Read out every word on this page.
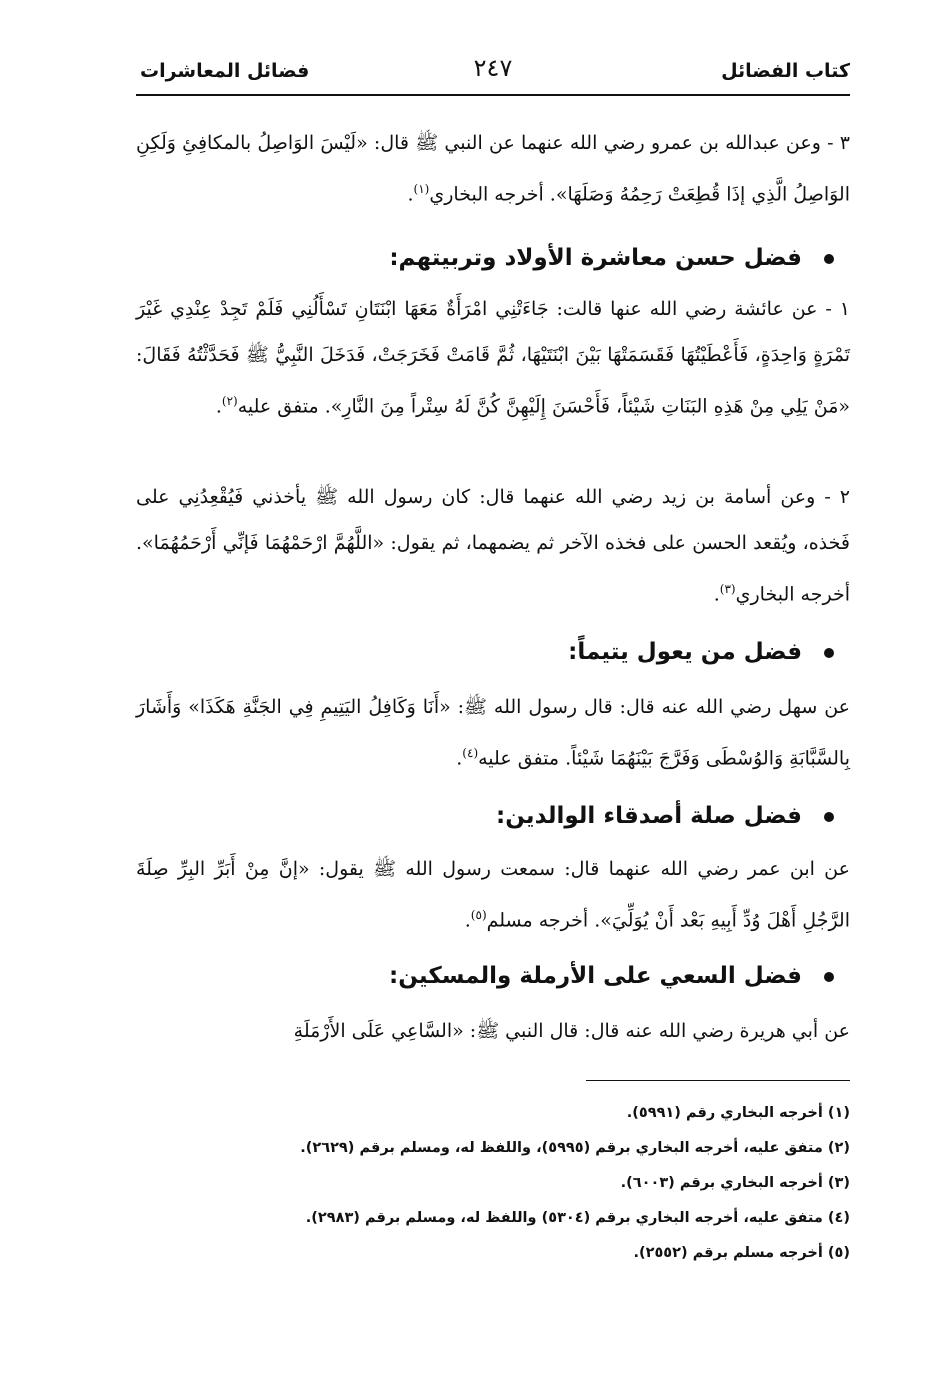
كتاب الفضائل
٢٤٧
فضائل المعاشرات

٣ - وعن عبدالله بن عمرو رضي الله عنهما عن النبي ﷺ قال: «لَيْسَ الوَاصِلُ بالمكافِئِ وَلَكِنِ الوَاصِلُ الَّذِي إذَا قُطِعَتْ رَحِمُهُ وَصَلَهَا». أخرجه البخاري$^{(١)}$.

فضل حسن معاشرة الأولاد وتربيتهم:

١ - عن عائشة رضي الله عنها قالت: جَاءَتْنِي امْرَأَةٌ مَعَهَا ابْنَتَانِ تَسْأَلُنِي فَلَمْ تَجِدْ عِنْدِي غَيْرَ تَمْرَةٍ وَاحِدَةٍ، فَأَعْطَيْتُهَا فَقَسَمَتْهَا بَيْنَ ابْنَتَيْهَا، ثُمَّ قَامَتْ فَخَرَجَتْ، فَدَخَلَ النَّبِيُّ ﷺ فَحَدَّثْتُهُ فَقَالَ: «مَنْ يَلِي مِنْ هَذِهِ البَنَاتِ شَيْئاً، فَأَحْسَنَ إِلَيْهِنَّ كُنَّ لَهُ سِتْراً مِنَ النَّارِ». متفق عليه$^{(٢)}$.

٢ - وعن أسامة بن زيد رضي الله عنهما قال: كان رسول الله ﷺ يأخذني فَيُقْعِدُنِي على فَخذه، ويُقعد الحسن على فخذه الآخر ثم يضمهما، ثم يقول: «اللَّهُمَّ ارْحَمْهُمَا فَإنِّي أَرْحَمُهُمَا». أخرجه البخاري$^{(٣)}$.

فضل من يعول يتيماً:

عن سهل رضي الله عنه قال: قال رسول الله ﷺ: «أَنَا وَكَافِلُ اليَتِيمِ فِي الجَنَّةِ هَكَذَا» وَأَشَارَ بِالسَّبَّابَةِ وَالوُسْطَى وَفَرَّجَ بَيْنَهُمَا شَيْئاً. متفق عليه$^{(٤)}$.

فضل صلة أصدقاء الوالدين:

عن ابن عمر رضي الله عنهما قال: سمعت رسول الله ﷺ يقول: «إنَّ مِنْ أَبَرِّ البِرِّ صِلَةَ الرَّجُلِ أَهْلَ وُدِّ أَبِيهِ بَعْد أَنْ يُوَلِّيَ». أخرجه مسلم$^{(٥)}$.

فضل السعي على الأرملة والمسكين:

عن أبي هريرة رضي الله عنه قال: قال النبي ﷺ: «السَّاعِي عَلَى الأَرْمَلَةِ

(١) أخرجه البخاري رقم (٥٩٩١).

(٢) متفق عليه، أخرجه البخاري برقم (٥٩٩٥)، واللفظ له، ومسلم برقم (٢٦٢٩).

(٣) أخرجه البخاري برقم (٦٠٠٣).

(٤) متفق عليه، أخرجه البخاري برقم (٥٣٠٤) واللفظ له، ومسلم برقم (٢٩٨٣).

(٥) أخرجه مسلم برقم (٢٥٥٢).
